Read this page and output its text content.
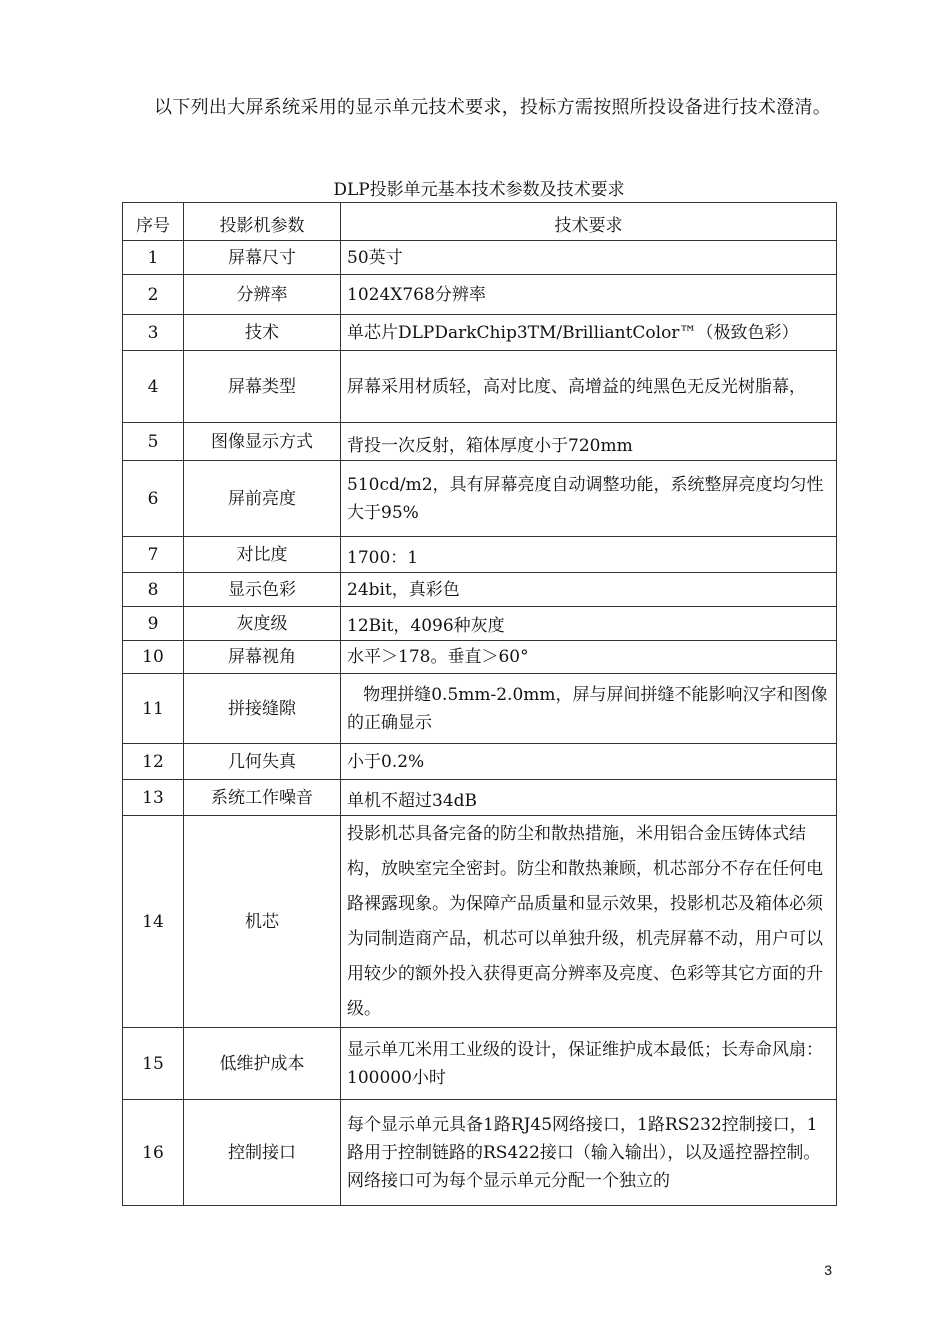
以下列出大屏系统采用的显示单元技术要求，投标方需按照所投设备进行技术澄清。

DLP投影单元基本技术参数及技术要求
序号	投影机参数	技术要求
1	屏幕尺寸	50英寸
2	分辨率	1024X768分辨率
3	技术	单芯片DLPDarkChip3TM/BrilliantColor™（极致色彩）
4	屏幕类型	屏幕采用材质轻，高对比度、高增益的纯黑色无反光树脂幕，
5	图像显示方式	背投一次反射，箱体厚度小于720mm
6	屏前亮度	510cd/m2，具有屏幕亮度自动调整功能，系统整屏亮度均匀性大于95%
7	对比度	1700：1
8	显示色彩	24bit，真彩色
9	灰度级	12Bit，4096种灰度
10	屏幕视角	水平＞178。垂直＞60°
11	拼接缝隙	物理拼缝0.5mm-2.0mm，屏与屏间拼缝不能影响汉字和图像的正确显示
12	几何失真	小于0.2%
13	系统工作噪音	单机不超过34dB
14	机芯	投影机芯具备完备的防尘和散热措施，米用铝合金压铸体式结构，放映室完全密封。防尘和散热兼顾，机芯部分不存在任何电路裸露现象。为保障产品质量和显示效果，投影机芯及箱体必须为同制造商产品，机芯可以单独升级，机壳屏幕不动，用户可以用较少的额外投入获得更高分辨率及亮度、色彩等其它方面的升级。
15	低维护成本	显示单兀米用工业级的设计，保证维护成本最低；长寿命风扇：100000小时
16	控制接口	每个显示单元具备1路RJ45网络接口，1路RS232控制接口，1路用于控制链路的RS422接口（输入输出），以及遥控器控制。网络接口可为每个显示单元分配一个独立的
3
